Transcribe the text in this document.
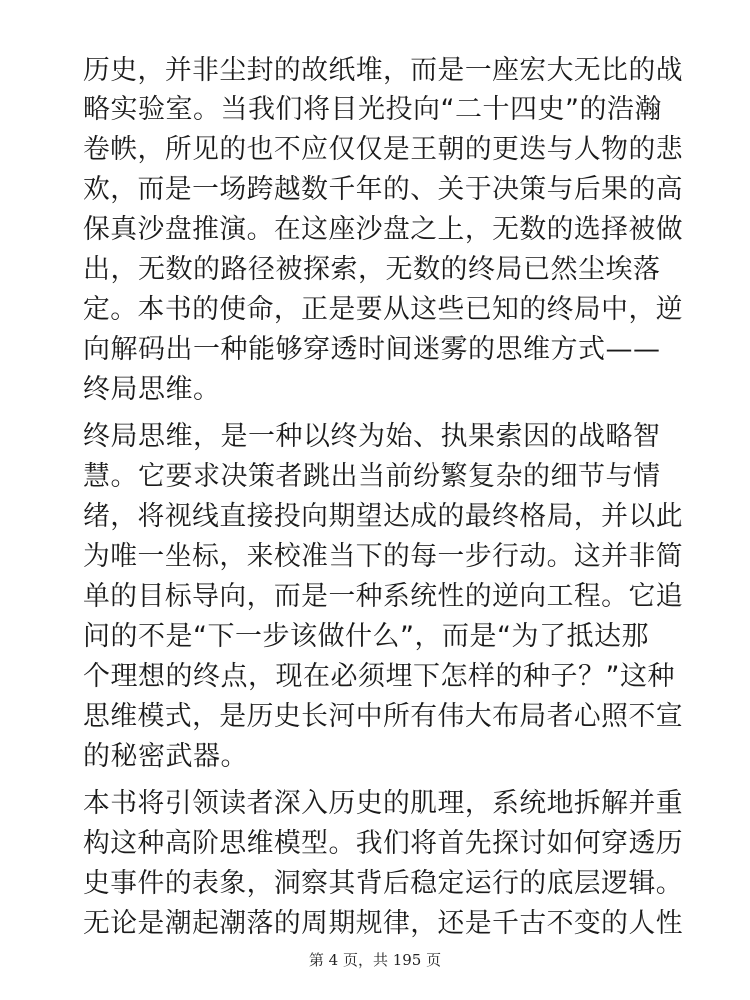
历史，并非尘封的故纸堆，而是一座宏大无比的战
略实验室。当我们将目光投向“二十四史”的浩瀚
卷帙，所见的也不应仅仅是王朝的更迭与人物的悲
欢，而是一场跨越数千年的、关于决策与后果的高
保真沙盘推演。在这座沙盘之上，无数的选择被做
出，无数的路径被探索，无数的终局已然尘埃落
定。本书的使命，正是要从这些已知的终局中，逆
向解码出一种能够穿透时间迷雾的思维方式——
终局思维。
终局思维，是一种以终为始、执果索因的战略智
慧。它要求决策者跳出当前纷繁复杂的细节与情
绪，将视线直接投向期望达成的最终格局，并以此
为唯一坐标，来校准当下的每一步行动。这并非简
单的目标导向，而是一种系统性的逆向工程。它追
问的不是“下一步该做什么”，而是“为了抵达那
个理想的终点，现在必须埋下怎样的种子？”这种
思维模式，是历史长河中所有伟大布局者心照不宣
的秘密武器。
本书将引领读者深入历史的肌理，系统地拆解并重
构这种高阶思维模型。我们将首先探讨如何穿透历
史事件的表象，洞察其背后稳定运行的底层逻辑。
无论是潮起潮落的周期规律，还是千古不变的人性
第 4 页，共 195 页
